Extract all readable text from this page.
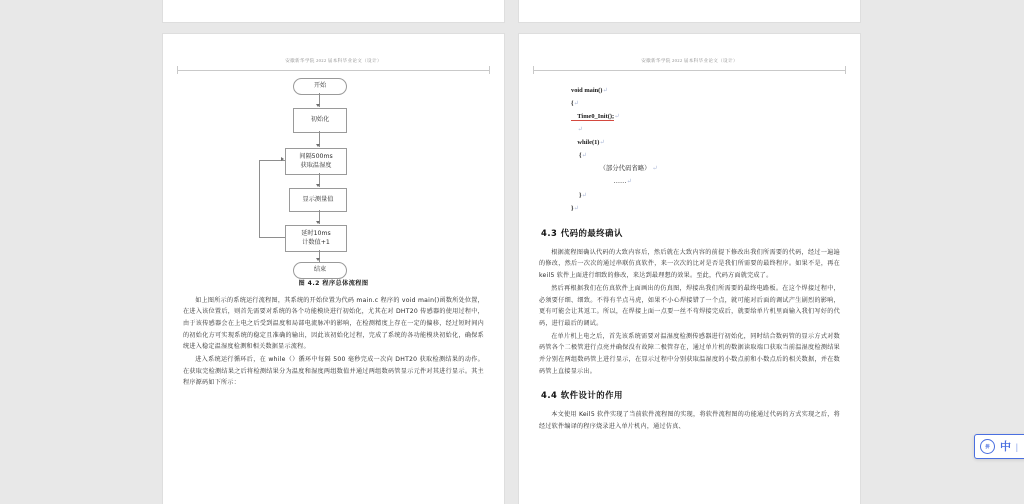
安徽新华学院 2022 届本科毕业论文（设计）
开始
初始化
间隔500ms
获取温湿度
显示测量值
延时10ms
计数值+1
结束
图 4.2 程序总体流程图

如上图所示的系统运行流程图，其系统的开始位置为代码 main.c 程序的 void main()函数所处位置，在进入该位置后，则首先需要对系统的各个功能模块进行初始化，尤其在对 DHT20 传感器的使用过程中，由于该传感器会在上电之后受到温度和局部电流脉冲的影响，在检测精度上存在一定的偏移，经过短时间内的初始化方可实现系统的稳定且准确的输出，因此该初始化过程，完成了系统的各功能模块初始化，确保系统进入稳定温湿度检测和相关数据显示流程。

进入系统运行循环后，在 while（）循环中每隔 500 毫秒完成一次向 DHT20 获取检测结果的动作。在获取完检测结果之后将检测结果分为温度和湿度两组数值并通过两组数码管显示元件对其进行显示。其主程序源码如下所示：

安徽新华学院 2022 届本科毕业论文（设计）
void main()↵
{↵
Time0_Init();↵
↵
while(1)↵
{↵
（部分代码省略） ↵
……↵
}↵
}↵
4.3 代码的最终确认

根据流程图确认代码的大致内容后，然后就在大致内容的前提下修改出我们所需要的代码，经过一遍遍的修改，然后一次次的通过串联仿真软件，来一次次的比对是否是我们所需要的最终程序。如果不是，再在 keil5 软件上面进行细致的修改，来达到最理想的效果。至此，代码方面就完成了。

然后再根据我们在仿真软件上面画出的仿真图，焊接出我们所需要的最终电路板。在这个焊接过程中，必须要仔细、细致。不得有半点马虎，如果不小心焊接错了一个点，就可能对后面的调试产生剧烈的影响，更有可能会让其返工。所以，在焊接上面一点要一丝不苟焊接完成后，就要给单片机里面输入我们写好的代码，进行最后的调试。

在单片机上电之后，首先该系统需要对温湿度检测传感器进行初始化，同时结合数码管的显示方式对数码管各个二极管进行点亮并确保没有故障二极管存在，通过单片机的数据读取端口获取当前温湿度检测结果并分别在两组数码管上进行显示，在显示过程中分别获取温湿度的小数点前和小数点后的相关数据，并在数码管上直接显示出。

4.4 软件设计的作用

本文使用 Keil5 软件实现了当前软件流程图的实现，将软件流程图的功能通过代码的方式实现之后，将经过软件编译的程序烧录进入单片机内，通过仿真、

拼 中 |
